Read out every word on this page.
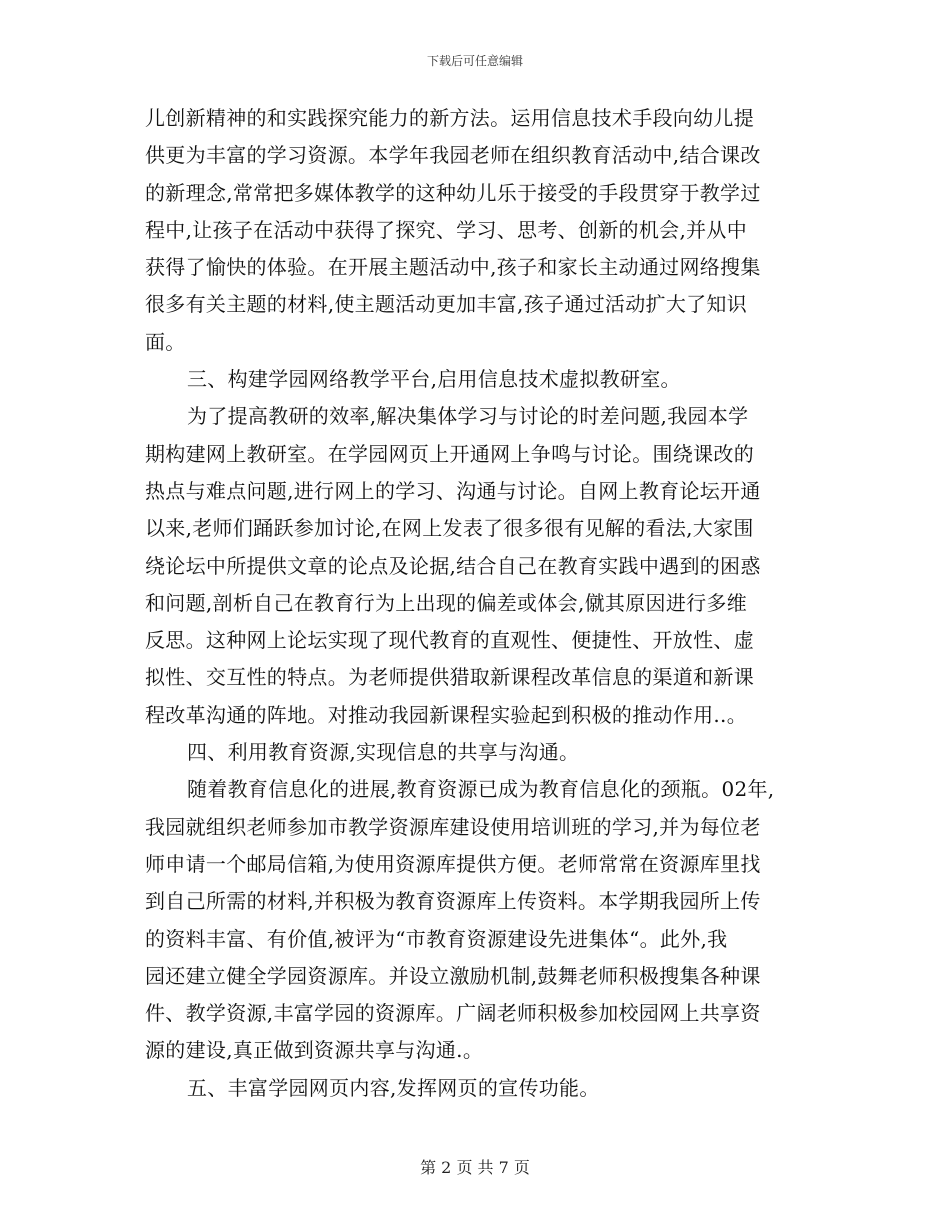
下载后可任意编辑
儿创新精神的和实践探究能力的新方法。运用信息技术手段向幼儿提
供更为丰富的学习资源。本学年我园老师在组织教育活动中,结合课改
的新理念,常常把多媒体教学的这种幼儿乐于接受的手段贯穿于教学过
程中,让孩子在活动中获得了探究、学习、思考、创新的机会,并从中
获得了愉快的体验。在开展主题活动中,孩子和家长主动通过网络搜集
很多有关主题的材料,使主题活动更加丰富,孩子通过活动扩大了知识
面。
三、构建学园网络教学平台,启用信息技术虚拟教研室。
为了提高教研的效率,解决集体学习与讨论的时差问题,我园本学
期构建网上教研室。在学园网页上开通网上争鸣与讨论。围绕课改的
热点与难点问题,进行网上的学习、沟通与讨论。自网上教育论坛开通
以来,老师们踊跃参加讨论,在网上发表了很多很有见解的看法,大家围
绕论坛中所提供文章的论点及论据,结合自己在教育实践中遇到的困惑
和问题,剖析自己在教育行为上出现的偏差或体会,僦其原因进行多维
反思。这种网上论坛实现了现代教育的直观性、便捷性、开放性、虚
拟性、交互性的特点。为老师提供猎取新课程改革信息的渠道和新课
程改革沟通的阵地。对推动我园新课程实验起到积极的推动作用..。
四、利用教育资源,实现信息的共享与沟通。
随着教育信息化的进展,教育资源已成为教育信息化的颈瓶。02年,
我园就组织老师参加市教学资源库建设使用培训班的学习,并为每位老
师申请一个邮局信箱,为使用资源库提供方便。老师常常在资源库里找
到自己所需的材料,并积极为教育资源库上传资料。本学期我园所上传
的资料丰富、有价值,被评为“市教育资源建设先进集体“。此外,我
园还建立健全学园资源库。并设立激励机制,鼓舞老师积极搜集各种课
件、教学资源,丰富学园的资源库。广阔老师积极参加校园网上共享资
源的建设,真正做到资源共享与沟通.。
五、丰富学园网页内容,发挥网页的宣传功能。
第 2 页 共 7 页
